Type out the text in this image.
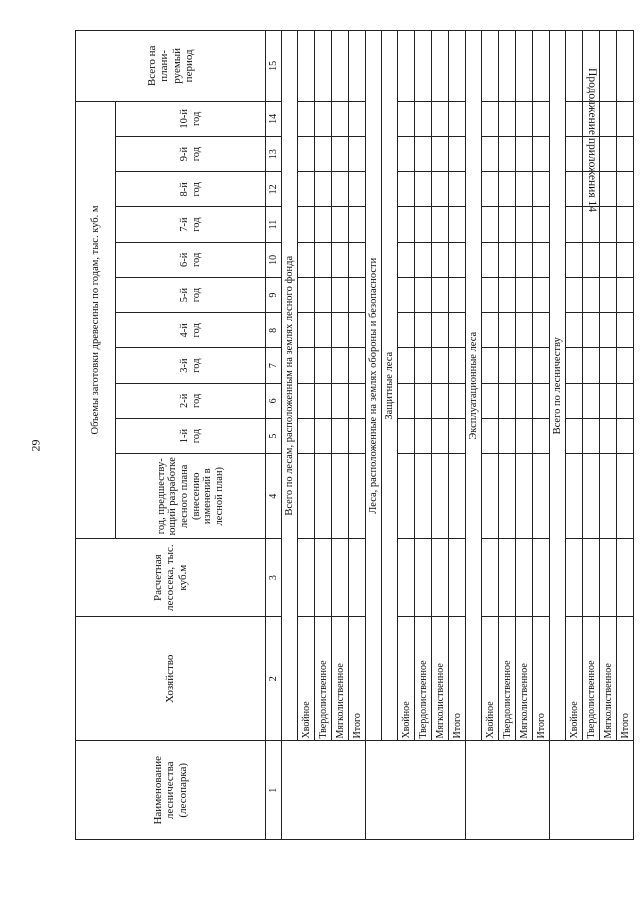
29
Продолжение приложения 14
Наименование лесничества (лесопарка)	Хозяйство	Расчетная лесосека, тыс. куб.м	Объемы заготовки древесины по годам, тыс. куб. м											Всего на плани-руемый период
			год, предшеству-ющий разработке лесного плана (внесению изменений в лесной план)	1-й год	2-й год	3-й год	4-й год	5-й год	6-й год	7-й год	8-й год	9-й год	10-й год	
1	2	3	4	5	6	7	8	9	10	11	12	13	14	15
	Всего по лесам, расположенным на землях лесного фонда													
	Хвойное													
	Твердолиственное													
	Мягколиственное													
	Итого													
	Леса, расположенные на землях обороны и безопасности													
	Защитные леса													
	Хвойное													
	Твердолиственное													
	Мягколиственное													
	Итого													
	Эксплуатационные леса													
	Хвойное													
	Твердолиственное													
	Мягколиственное													
	Итого													
	Всего по лесничеству													
	Хвойное													
	Твердолиственное													
	Мягколиственное													
	Итого													
